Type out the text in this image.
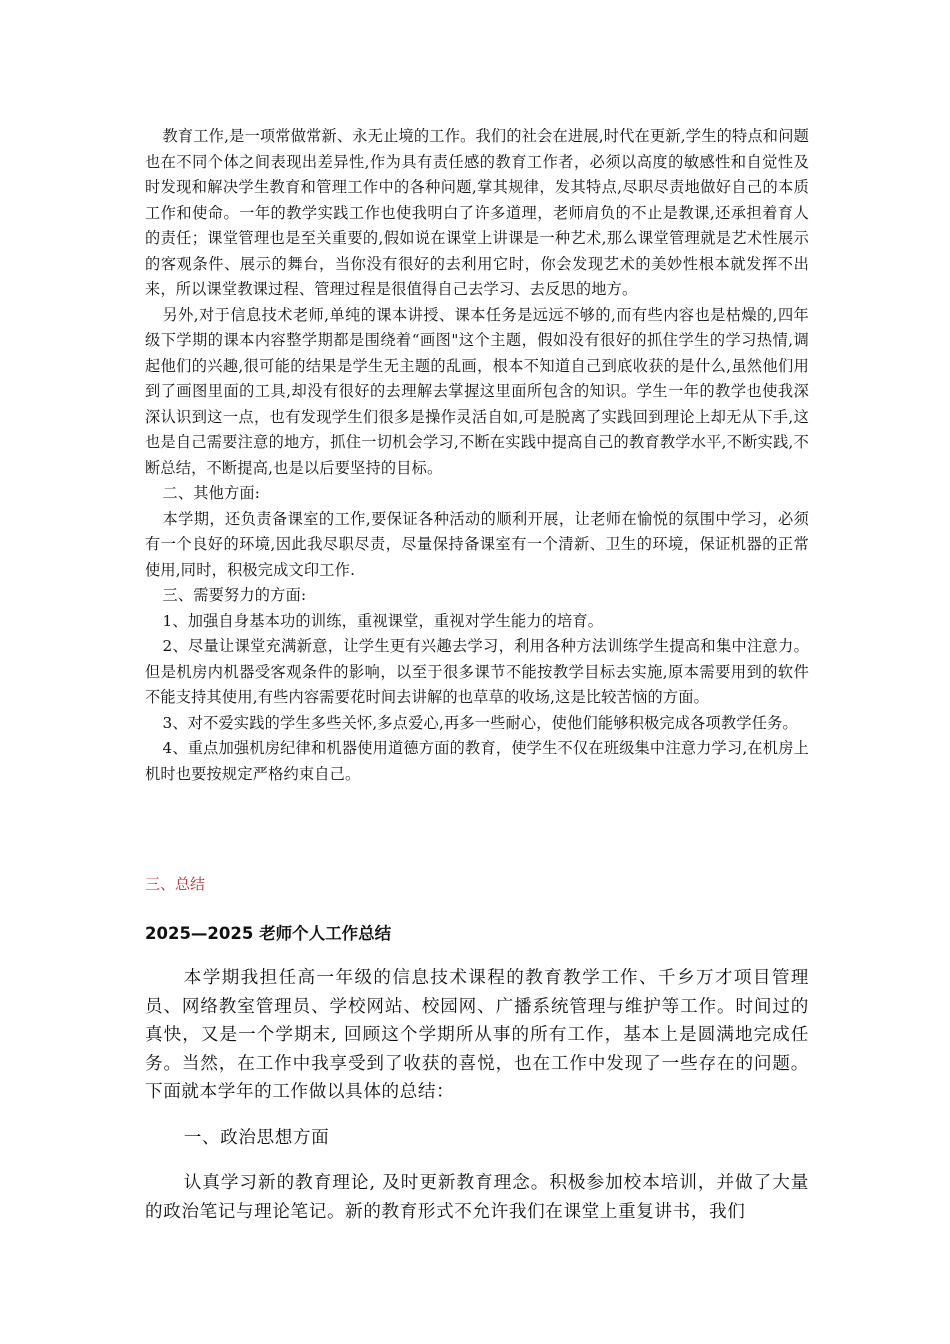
教育工作,是一项常做常新、永无止境的工作。我们的社会在进展,时代在更新,学生的特点和问题也在不同个体之间表现出差异性,作为具有责任感的教育工作者，必须以高度的敏感性和自觉性及时发现和解决学生教育和管理工作中的各种问题,掌其规律，发其特点,尽职尽责地做好自己的本质工作和使命。一年的教学实践工作也使我明白了许多道理，老师肩负的不止是教课,还承担着育人的责任；课堂管理也是至关重要的,假如说在课堂上讲课是一种艺术,那么课堂管理就是艺术性展示的客观条件、展示的舞台，当你没有很好的去利用它时，你会发现艺术的美妙性根本就发挥不出来，所以课堂教课过程、管理过程是很值得自己去学习、去反思的地方。

另外,对于信息技术老师,单纯的课本讲授、课本任务是远远不够的,而有些内容也是枯燥的,四年级下学期的课本内容整学期都是围绕着“画图"这个主题，假如没有很好的抓住学生的学习热情,调起他们的兴趣,很可能的结果是学生无主题的乱画，根本不知道自己到底收获的是什么,虽然他们用到了画图里面的工具,却没有很好的去理解去掌握这里面所包含的知识。学生一年的教学也使我深深认识到这一点，也有发现学生们很多是操作灵活自如,可是脱离了实践回到理论上却无从下手,这也是自己需要注意的地方，抓住一切机会学习,不断在实践中提高自己的教育教学水平,不断实践,不断总结，不断提高,也是以后要坚持的目标。

二、其他方面:

本学期，还负责备课室的工作,要保证各种活动的顺利开展，让老师在愉悦的氛围中学习，必须有一个良好的环境,因此我尽职尽责，尽量保持备课室有一个清新、卫生的环境，保证机器的正常使用,同时，积极完成文印工作.

三、需要努力的方面:

1、加强自身基本功的训练，重视课堂，重视对学生能力的培育。

2、尽量让课堂充满新意，让学生更有兴趣去学习，利用各种方法训练学生提高和集中注意力。但是机房内机器受客观条件的影响，以至于很多课节不能按教学目标去实施,原本需要用到的软件不能支持其使用,有些内容需要花时间去讲解的也草草的收场,这是比较苦恼的方面。

3、对不爱实践的学生多些关怀,多点爱心,再多一些耐心，使他们能够积极完成各项教学任务。

4、重点加强机房纪律和机器使用道德方面的教育，使学生不仅在班级集中注意力学习,在机房上机时也要按规定严格约束自己。

三、总结

2025—2025 老师个人工作总结

本学期我担任高一年级的信息技术课程的教育教学工作、千乡万才项目管理员、网络教室管理员、学校网站、校园网、广播系统管理与维护等工作。时间过的真快，又是一个学期末, 回顾这个学期所从事的所有工作，基本上是圆满地完成任务。当然，在工作中我享受到了收获的喜悦，也在工作中发现了一些存在的问题。下面就本学年的工作做以具体的总结：

一、政治思想方面

认真学习新的教育理论, 及时更新教育理念。积极参加校本培训，并做了大量的政治笔记与理论笔记。新的教育形式不允许我们在课堂上重复讲书，我们
